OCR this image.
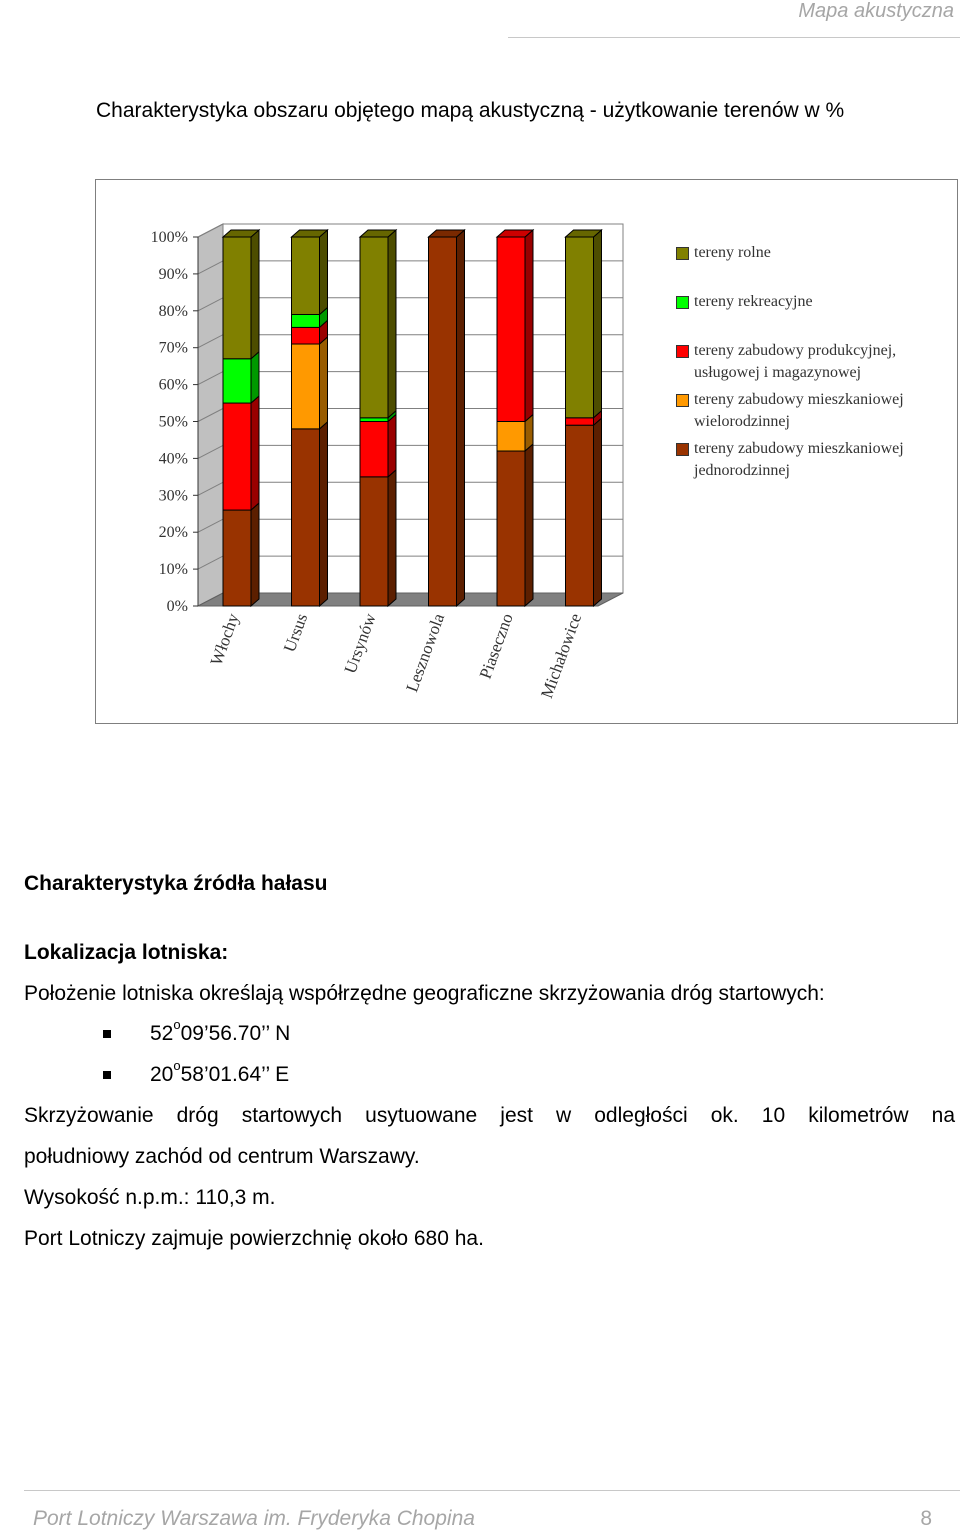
Mapa akustyczna
Charakterystyka obszaru objętego mapą akustyczną - użytkowanie terenów w %
0%
10%
20%
30%
40%
50%
60%
70%
80%
90%
100%
Włochy Ursus Ursynów Lesznowola Piaseczno Michałowice
tereny rolne
tereny rekreacyjne
tereny zabudowy produkcyjnej, usługowej i magazynowej
tereny zabudowy mieszkaniowej wielorodzinnej
tereny zabudowy mieszkaniowej jednorodzinnej
Charakterystyka źródła hałasu
Lokalizacja lotniska:
Położenie lotniska określają współrzędne geograficzne skrzyżowania dróg startowych:
52$^o$09’56.70’’ N
20$^o$58’01.64’’ E
Skrzyżowanie dróg startowych usytuowane jest w odległości ok. 10 kilometrów na
południowy zachód od centrum Warszawy.
Wysokość n.p.m.: 110,3 m.
Port Lotniczy zajmuje powierzchnię około 680 ha.
Port Lotniczy Warszawa im. Fryderyka Chopina	8
